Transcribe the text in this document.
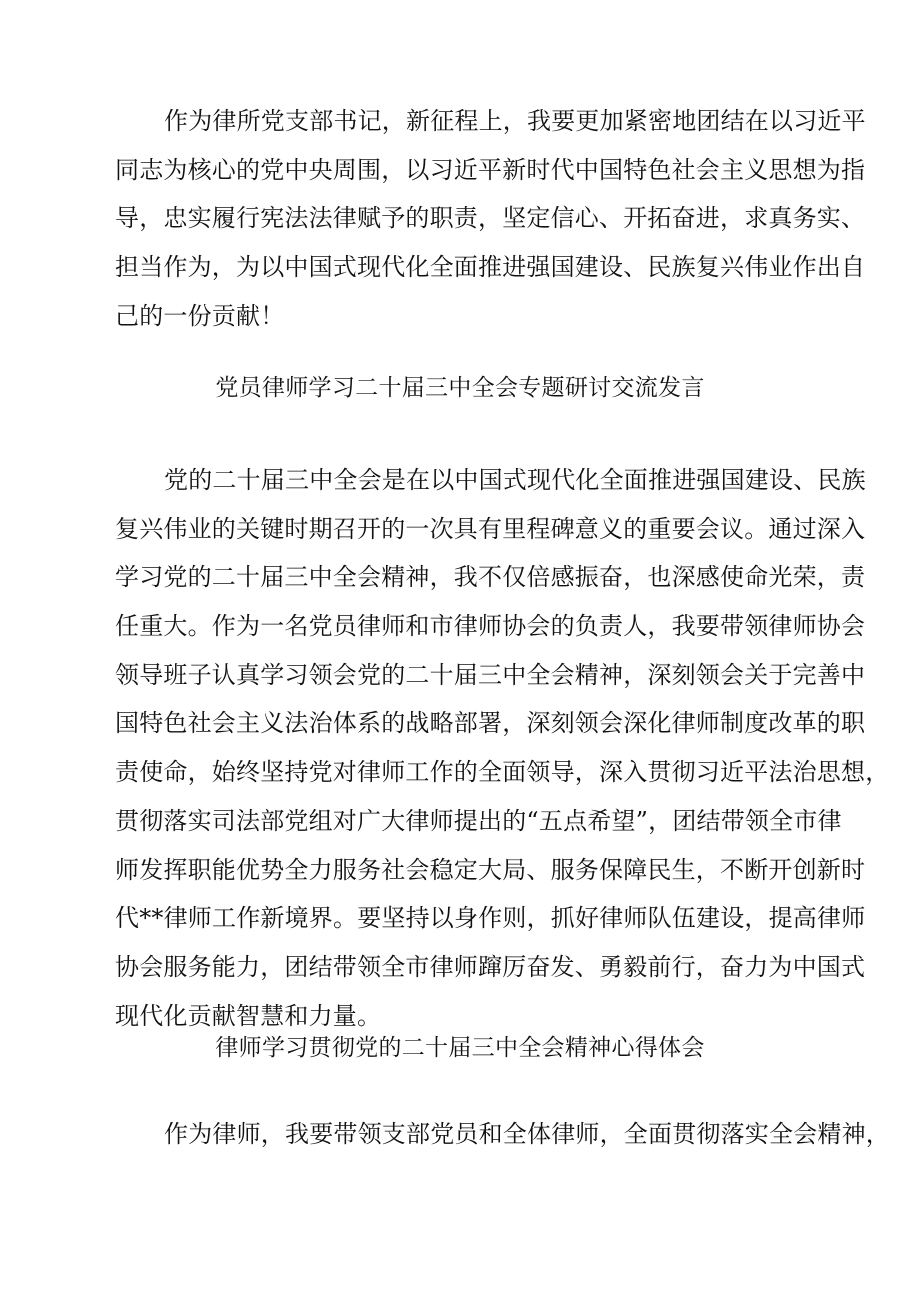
作为律所党支部书记，新征程上，我要更加紧密地团结在以习近平
同志为核心的党中央周围，以习近平新时代中国特色社会主义思想为指
导，忠实履行宪法法律赋予的职责，坚定信心、开拓奋进，求真务实、
担当作为，为以中国式现代化全面推进强国建设、民族复兴伟业作出自
己的一份贡献！
党员律师学习二十届三中全会专题研讨交流发言
党的二十届三中全会是在以中国式现代化全面推进强国建设、民族
复兴伟业的关键时期召开的一次具有里程碑意义的重要会议。通过深入
学习党的二十届三中全会精神，我不仅倍感振奋，也深感使命光荣，责
任重大。作为一名党员律师和市律师协会的负责人，我要带领律师协会
领导班子认真学习领会党的二十届三中全会精神，深刻领会关于完善中
国特色社会主义法治体系的战略部署，深刻领会深化律师制度改革的职
责使命，始终坚持党对律师工作的全面领导，深入贯彻习近平法治思想，
贯彻落实司法部党组对广大律师提出的“五点希望”，团结带领全市律
师发挥职能优势全力服务社会稳定大局、服务保障民生，不断开创新时
代**律师工作新境界。要坚持以身作则，抓好律师队伍建设，提高律师
协会服务能力，团结带领全市律师蹿厉奋发、勇毅前行，奋力为中国式
现代化贡献智慧和力量。
律师学习贯彻党的二十届三中全会精神心得体会
作为律师，我要带领支部党员和全体律师，全面贯彻落实全会精神，
